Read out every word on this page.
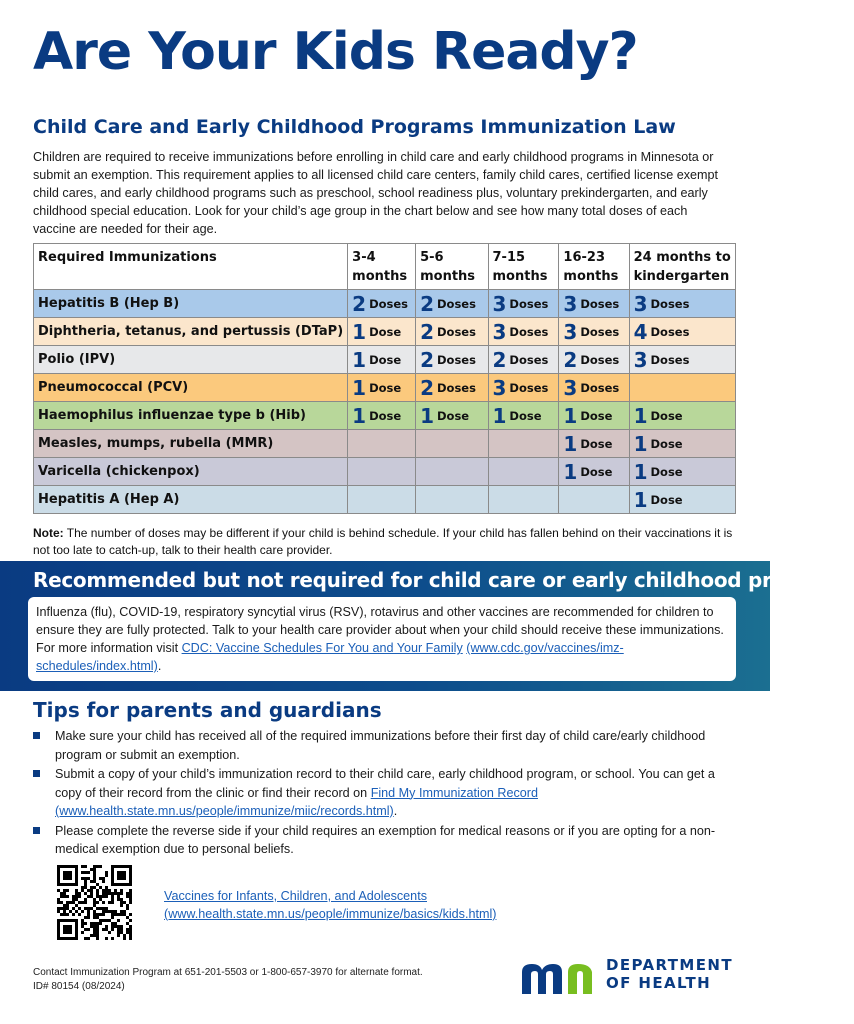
Are Your Kids Ready?
Child Care and Early Childhood Programs Immunization Law

Children are required to receive immunizations before enrolling in child care and early childhood programs in Minnesota or submit an exemption. This requirement applies to all licensed child care centers, family child cares, certified license exempt child cares, and early childhood programs such as preschool, school readiness plus, voluntary prekindergarten, and early childhood special education. Look for your child’s age group in the chart below and see how many total doses of each vaccine are needed for their age.

Required Immunizations	3-4 months	5-6 months	7-15 months	16-23 months	24 months to kindergarten
Hepatitis B (Hep B)	2 Doses	2 Doses	3 Doses	3 Doses	3 Doses
Diphtheria, tetanus, and pertussis (DTaP)	1 Dose	2 Doses	3 Doses	3 Doses	4 Doses
Polio (IPV)	1 Dose	2 Doses	2 Doses	2 Doses	3 Doses
Pneumococcal (PCV)	1 Dose	2 Doses	3 Doses	3 Doses	
Haemophilus influenzae type b (Hib)	1 Dose	1 Dose	1 Dose	1 Dose	1 Dose
Measles, mumps, rubella (MMR)				1 Dose	1 Dose
Varicella (chickenpox)				1 Dose	1 Dose
Hepatitis A (Hep A)					1 Dose

Note: The number of doses may be different if your child is behind schedule. If your child has fallen behind on their vaccinations it is not too late to catch-up, talk to their health care provider.

Recommended but not required for child care or early childhood programs
Influenza (flu), COVID-19, respiratory syncytial virus (RSV), rotavirus and other vaccines are recommended for children to ensure they are fully protected. Talk to your health care provider about when your child should receive these immunizations. For more information visit CDC: Vaccine Schedules For You and Your Family (www.cdc.gov/vaccines/imz-schedules/index.html).
Tips for parents and guardians
Make sure your child has received all of the required immunizations before their first day of child care/early childhood program or submit an exemption.
Submit a copy of your child’s immunization record to their child care, early childhood program, or school. You can get a copy of their record from the clinic or find their record on Find My Immunization Record (www.health.state.mn.us/people/immunize/miic/records.html).
Please complete the reverse side if your child requires an exemption for medical reasons or if you are opting for a non-medical exemption due to personal beliefs.
Vaccines for Infants, Children, and Adolescents
(www.health.state.mn.us/people/immunize/basics/kids.html)
Contact Immunization Program at 651-201-5503 or 1-800-657-3970 for alternate format.
ID# 80154 (08/2024)
DEPARTMENT
OF HEALTH
